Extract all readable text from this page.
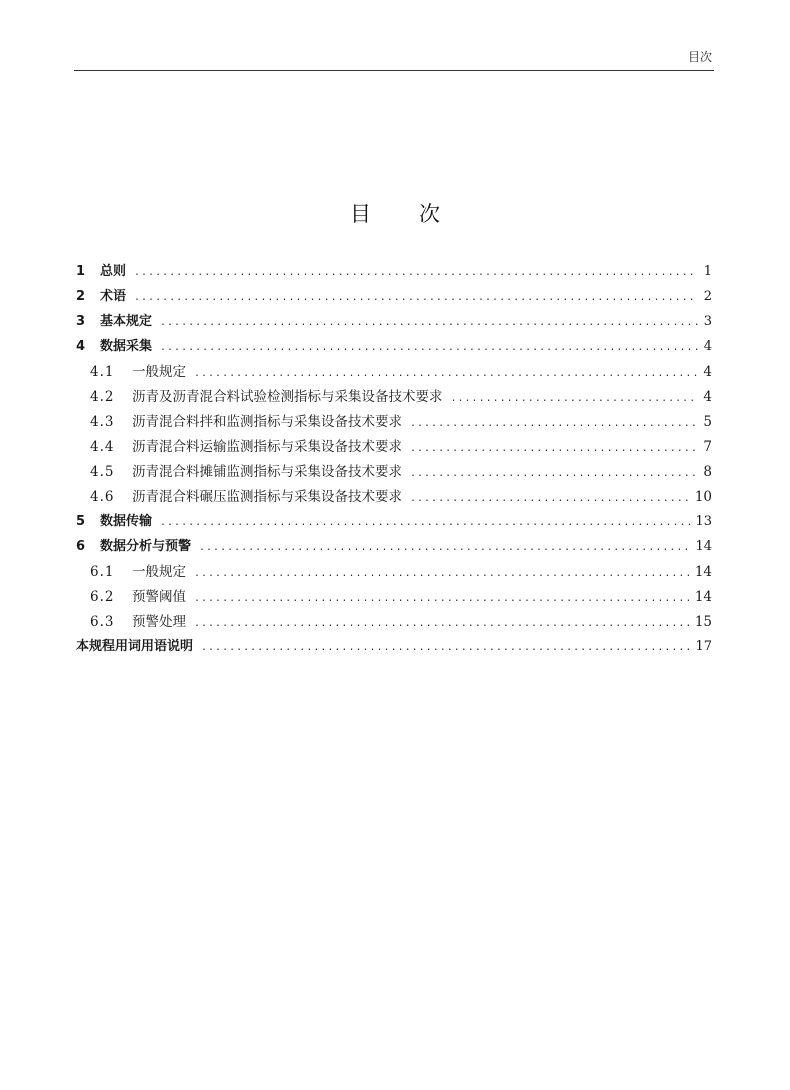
目次
目 次
1	总则 .....	1
2	术语 .....	2
3	基本规定 .....	3
4	数据采集 .....	4
4.1	一般规定 .....	4
4.2	沥青及沥青混合料试验检测指标与采集设备技术要求 .....	4
4.3	沥青混合料拌和监测指标与采集设备技术要求 .....	5
4.4	沥青混合料运输监测指标与采集设备技术要求 .....	7
4.5	沥青混合料摊铺监测指标与采集设备技术要求 .....	8
4.6	沥青混合料碾压监测指标与采集设备技术要求 .....	10
5	数据传输 .....	13
6	数据分析与预警 .....	14
6.1	一般规定 .....	14
6.2	预警阈值 .....	14
6.3	预警处理 .....	15
本规程用词用语说明 .....	17
